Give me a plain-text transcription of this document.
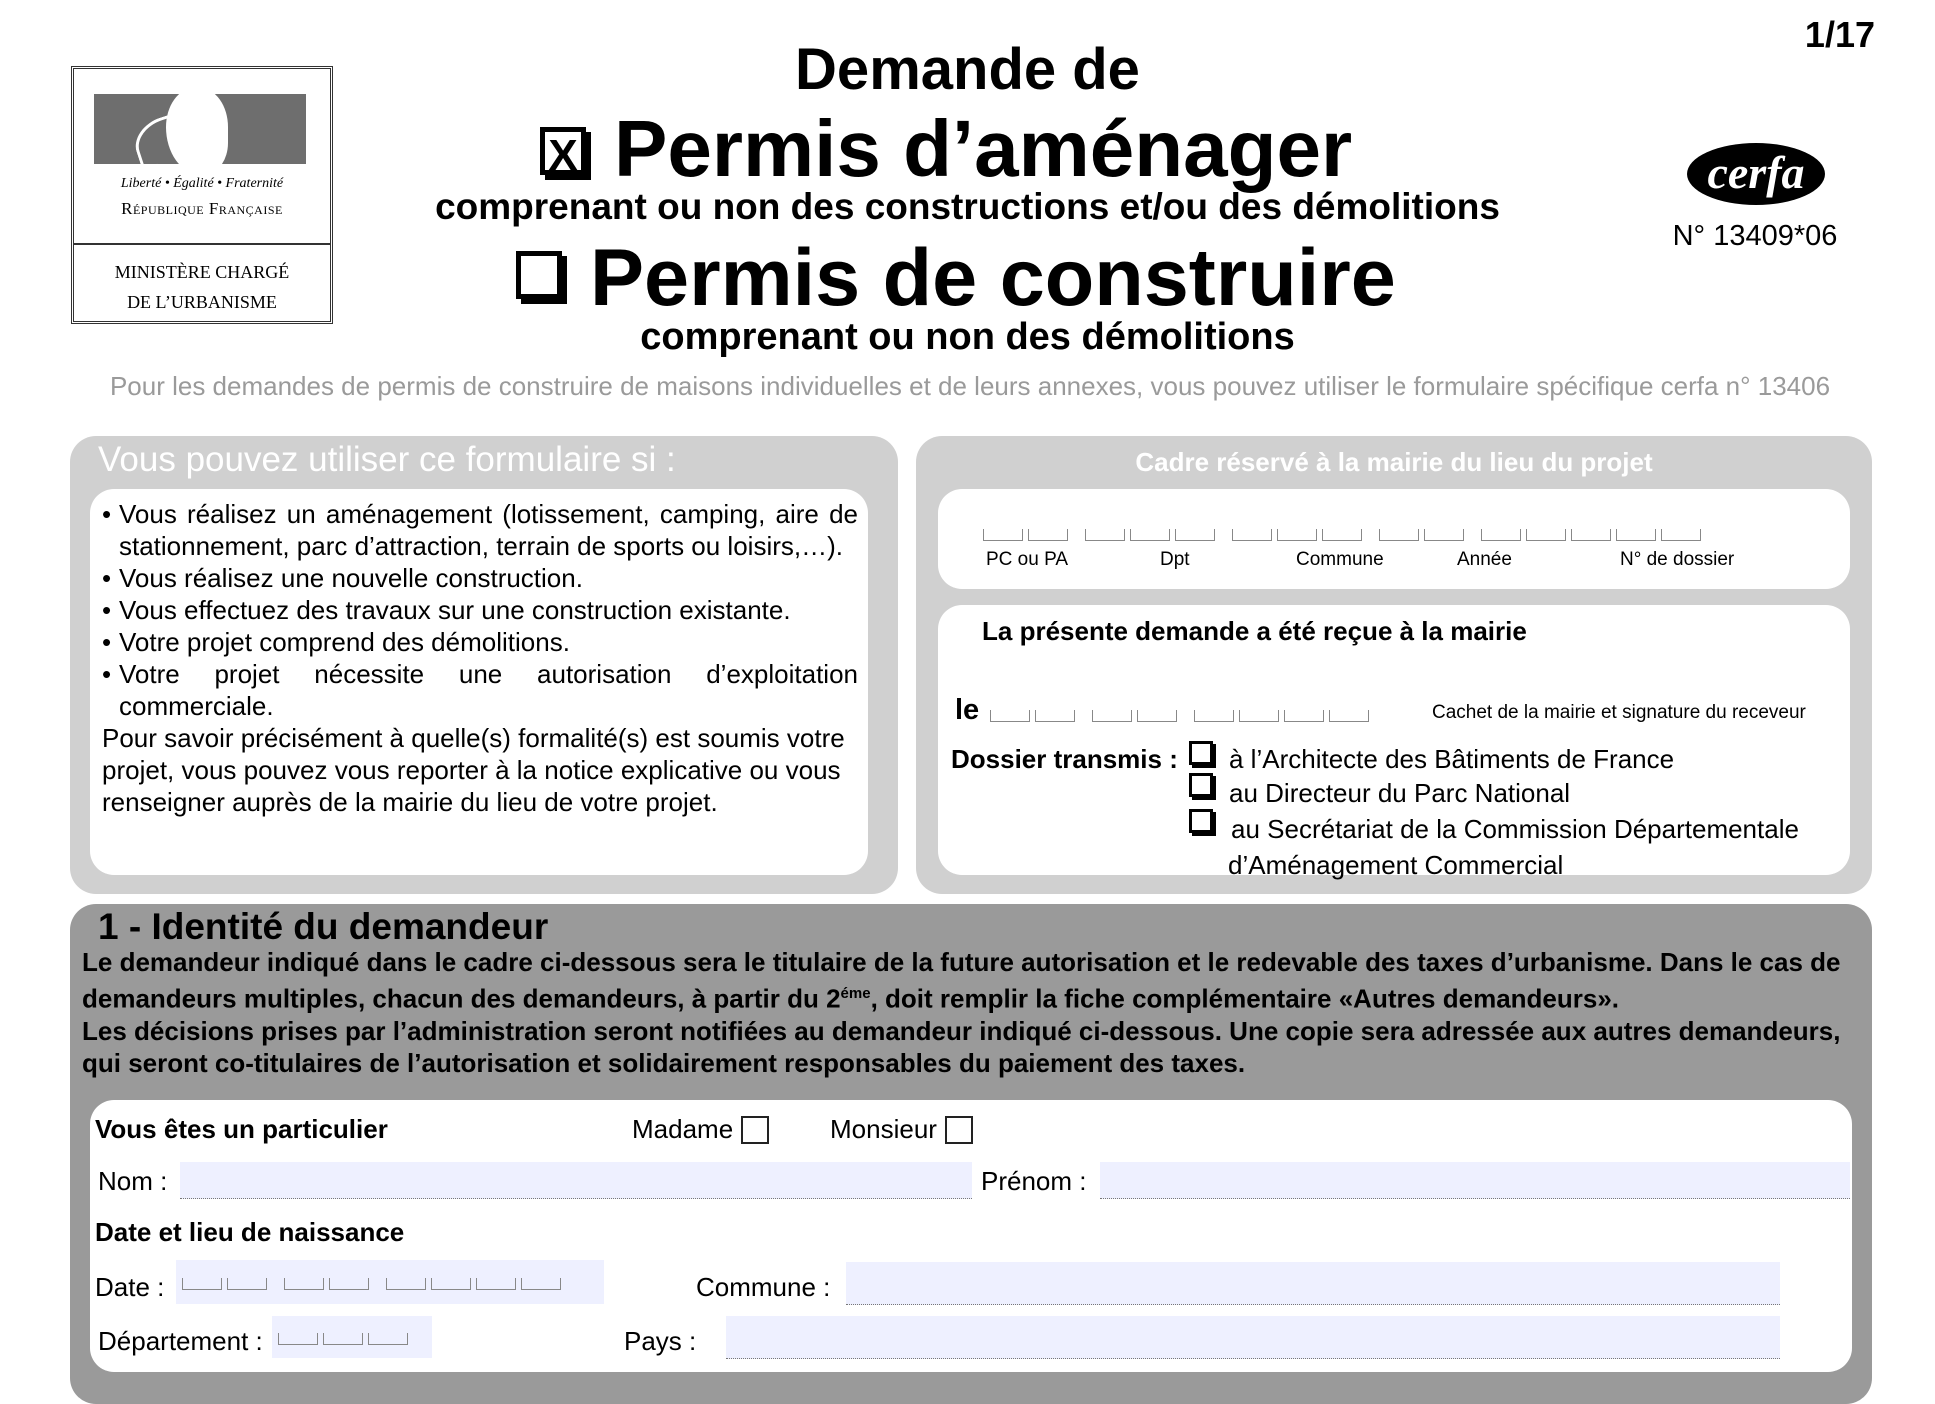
Liberté • Égalité • Fraternité
République Française
MINISTÈRE CHARGÉ
DE L’URBANISME
1/17
Demande de
X Permis d’aménager
comprenant ou non des constructions et/ou des démolitions
Permis de construire
comprenant ou non des démolitions
cerfa
N° 13409*06
Pour les demandes de permis de construire de maisons individuelles et de leurs annexes, vous pouvez utiliser le formulaire spécifique cerfa n° 13406
Vous pouvez utiliser ce formulaire si :
• Vous réalisez un aménagement (lotissement, camping, aire de stationnement, parc d’attraction, terrain de sports ou loisirs,…).
• Vous réalisez une nouvelle construction.
• Vous effectuez des travaux sur une construction existante.
• Votre projet comprend des démolitions.
• Votre projet nécessite une autorisation d’exploitation commerciale.

Pour savoir précisément à quelle(s) formalité(s) est soumis votre projet, vous pouvez vous reporter à la notice explicative ou vous renseigner auprès de la mairie du lieu de votre projet.

Cadre réservé à la mairie du lieu du projet
PC ou PA	Dpt	Commune	Année	N° de dossier
La présente demande a été reçue à la mairie
le	Cachet de la mairie et signature du receveur
Dossier transmis : à l’Architecte des Bâtiments de France
au Directeur du Parc National
au Secrétariat de la Commission Départementale
d’Aménagement Commercial
1 - Identité du demandeur
Le demandeur indiqué dans le cadre ci-dessous sera le titulaire de la future autorisation et le redevable des taxes d’urbanisme. Dans le cas de demandeurs multiples, chacun des demandeurs, à partir du $2^{éme}$, doit remplir la fiche complémentaire «Autres demandeurs».
Les décisions prises par l’administration seront notifiées au demandeur indiqué ci-dessous. Une copie sera adressée aux autres demandeurs, qui seront co-titulaires de l’autorisation et solidairement responsables du paiement des taxes.
Vous êtes un particulier	Madame	Monsieur
Nom :	Prénom :
Date et lieu de naissance
Date :	Commune :
Département :	Pays :
